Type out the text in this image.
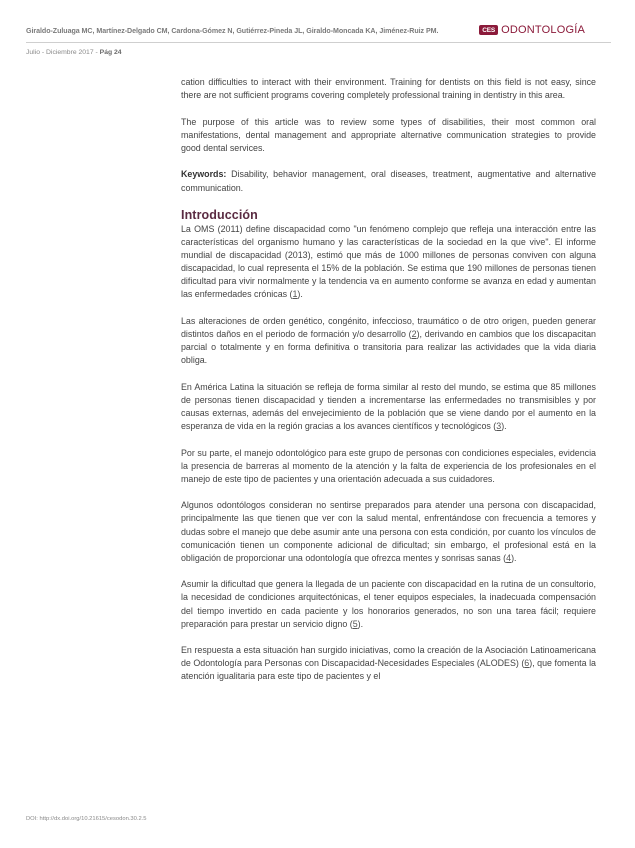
Giraldo-Zuluaga MC, Martínez-Delgado CM, Cardona-Gómez N, Gutiérrez-Pineda JL, Giraldo-Moncada KA, Jiménez-Ruiz PM.	CES ODONTOLOGÍA
Julio - Diciembre 2017 - Pág 24

cation difficulties to interact with their environment. Training for dentists on this field is not easy, since there are not sufficient programs covering completely professional training in dentistry in this area.

The purpose of this article was to review some types of disabilities, their most common oral manifestations, dental management and appropriate alternative communication strategies to provide good dental services.

Keywords: Disability, behavior management, oral diseases, treatment, augmentative and alternative communication.

Introducción

La OMS (2011) define discapacidad como "un fenómeno complejo que refleja una interacción entre las características del organismo humano y las características de la sociedad en la que vive". El informe mundial de discapacidad (2013), estimó que más de 1000 millones de personas conviven con alguna discapacidad, lo cual representa el 15% de la población. Se estima que 190 millones de personas tienen dificultad para vivir normalmente y la tendencia va en aumento conforme se avanza en edad y aumentan las enfermedades crónicas (1).

Las alteraciones de orden genético, congénito, infeccioso, traumático o de otro origen, pueden generar distintos daños en el periodo de formación y/o desarrollo (2), derivando en cambios que los discapacitan parcial o totalmente y en forma definitiva o transitoria para realizar las actividades que la vida diaria obliga.

En América Latina la situación se refleja de forma similar al resto del mundo, se estima que 85 millones de personas tienen discapacidad y tienden a incrementarse las enfermedades no transmisibles y por causas externas, además del envejecimiento de la población que se viene dando por el aumento en la esperanza de vida en la región gracias a los avances científicos y tecnológicos (3).

Por su parte, el manejo odontológico para este grupo de personas con condiciones especiales, evidencia la presencia de barreras al momento de la atención y la falta de experiencia de los profesionales en el manejo de este tipo de pacientes y una orientación adecuada a sus cuidadores.

Algunos odontólogos consideran no sentirse preparados para atender una persona con discapacidad, principalmente las que tienen que ver con la salud mental, enfrentándose con frecuencia a temores y dudas sobre el manejo que debe asumir ante una persona con esta condición, por cuanto los vínculos de comunicación tienen un componente adicional de dificultad; sin embargo, el profesional está en la obligación de proporcionar una odontología que ofrezca mentes y sonrisas sanas (4).

Asumir la dificultad que genera la llegada de un paciente con discapacidad en la rutina de un consultorio, la necesidad de condiciones arquitectónicas, el tener equipos especiales, la inadecuada compensación del tiempo invertido en cada paciente y los honorarios generados, no son una tarea fácil; requiere preparación para prestar un servicio digno (5).

En respuesta a esta situación han surgido iniciativas, como la creación de la Asociación Latinoamericana de Odontología para Personas con Discapacidad-Necesidades Especiales (ALODES) (6), que fomenta la atención igualitaria para este tipo de pacientes y el

DOI: http://dx.doi.org/10.21615/cesodon.30.2.5
